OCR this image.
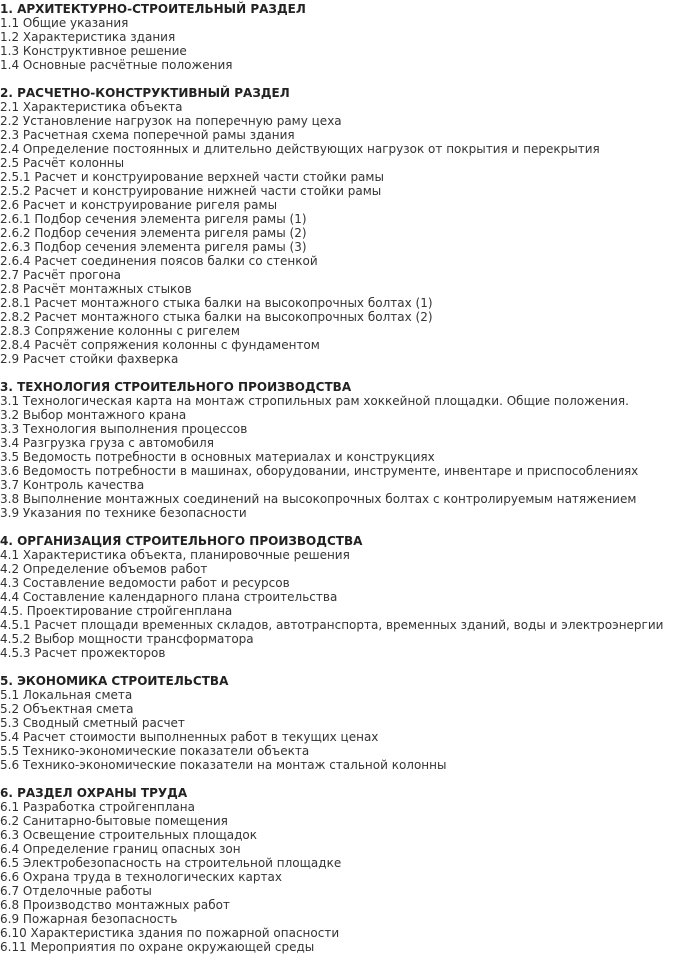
1. АРХИТЕКТУРНО-СТРОИТЕЛЬНЫЙ РАЗДЕЛ
1.1 Общие указания
1.2 Характеристика здания
1.3 Конструктивное решение
1.4 Основные расчётные положения
2. РАСЧЕТНО-КОНСТРУКТИВНЫЙ РАЗДЕЛ
2.1 Характеристика объекта
2.2 Установление нагрузок на поперечную раму цеха
2.3 Расчетная схема поперечной рамы здания
2.4 Определение постоянных и длительно действующих нагрузок от покрытия и перекрытия
2.5 Расчёт колонны
2.5.1 Расчет и конструирование верхней части стойки рамы
2.5.2 Расчет и конструирование нижней части стойки рамы
2.6 Расчет и конструирование ригеля рамы
2.6.1 Подбор сечения элемента ригеля рамы (1)
2.6.2 Подбор сечения элемента ригеля рамы (2)
2.6.3 Подбор сечения элемента ригеля рамы (3)
2.6.4 Расчет соединения поясов балки со стенкой
2.7 Расчёт прогона
2.8 Расчёт монтажных стыков
2.8.1 Расчет монтажного стыка балки на высокопрочных болтах (1)
2.8.2 Расчет монтажного стыка балки на высокопрочных болтах (2)
2.8.3 Сопряжение колонны с ригелем
2.8.4 Расчёт сопряжения колонны с фундаментом
2.9 Расчет стойки фахверка
3. ТЕХНОЛОГИЯ СТРОИТЕЛЬНОГО ПРОИЗВОДСТВА
3.1 Технологическая карта на монтаж стропильных рам хоккейной площадки. Общие положения.
3.2 Выбор монтажного крана
3.3 Технология выполнения процессов
3.4 Разгрузка груза с автомобиля
3.5 Ведомость потребности в основных материалах и конструкциях
3.6 Ведомость потребности в машинах, оборудовании, инструменте, инвентаре и приспособлениях
3.7 Контроль качества
3.8 Выполнение монтажных соединений на высокопрочных болтах с контролируемым натяжением
3.9 Указания по технике безопасности
4. ОРГАНИЗАЦИЯ СТРОИТЕЛЬНОГО ПРОИЗВОДСТВА
4.1 Характеристика объекта, планировочные решения
4.2 Определение объемов работ
4.3 Составление ведомости работ и ресурсов
4.4 Составление календарного плана строительства
4.5. Проектирование стройгенплана
4.5.1 Расчет площади временных складов, автотранспорта, временных зданий, воды и электроэнергии
4.5.2 Выбор мощности трансформатора
4.5.3 Расчет прожекторов
5. ЭКОНОМИКА СТРОИТЕЛЬСТВА
5.1 Локальная смета
5.2 Объектная смета
5.3 Сводный сметный расчет
5.4 Расчет стоимости выполненных работ в текущих ценах
5.5 Технико-экономические показатели объекта
5.6 Технико-экономические показатели на монтаж стальной колонны
6. РАЗДЕЛ ОХРАНЫ ТРУДА
6.1 Разработка стройгенплана
6.2 Санитарно-бытовые помещения
6.3 Освещение строительных площадок
6.4 Определение границ опасных зон
6.5 Электробезопасность на строительной площадке
6.6 Охрана труда в технологических картах
6.7 Отделочные работы
6.8 Производство монтажных работ
6.9 Пожарная безопасность
6.10 Характеристика здания по пожарной опасности
6.11 Мероприятия по охране окружающей среды
